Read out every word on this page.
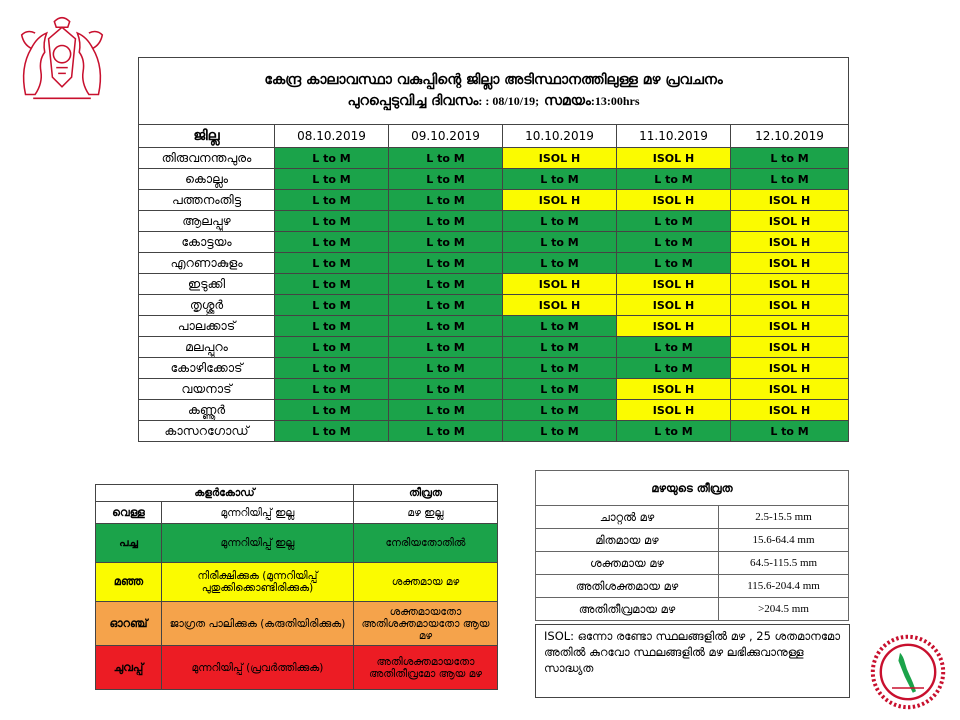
കേന്ദ്ര കാലാവസ്ഥാ വകുപ്പിന്റെ ജില്ലാ അടിസ്ഥാനത്തിലുള്ള മഴ പ്രവചനം
പുറപ്പെടുവിച്ച ദിവസം: : 08/10/19; സമയം:13:00hrs					

ജില്ല	08.10.2019	09.10.2019	10.10.2019	11.10.2019	12.10.2019
തിരുവനന്തപുരം	L to M	L to M	ISOL H	ISOL H	L to M
കൊല്ലം	L to M	L to M	L to M	L to M	L to M
പത്തനംതിട്ട	L to M	L to M	ISOL H	ISOL H	ISOL H
ആലപ്പുഴ	L to M	L to M	L to M	L to M	ISOL H
കോട്ടയം	L to M	L to M	L to M	L to M	ISOL H
എറണാകുളം	L to M	L to M	L to M	L to M	ISOL H
ഇടുക്കി	L to M	L to M	ISOL H	ISOL H	ISOL H
തൃശ്ശൂർ	L to M	L to M	ISOL H	ISOL H	ISOL H
പാലക്കാട്	L to M	L to M	L to M	ISOL H	ISOL H
മലപ്പുറം	L to M	L to M	L to M	L to M	ISOL H
കോഴിക്കോട്	L to M	L to M	L to M	L to M	ISOL H
വയനാട്	L to M	L to M	L to M	ISOL H	ISOL H
കണ്ണൂർ	L to M	L to M	L to M	ISOL H	ISOL H
കാസറഗോഡ്	L to M	L to M	L to M	L to M	L to M
കളർകോഡ്		തീവ്രത
വെള്ള	മുന്നറിയിപ്പ് ഇല്ല	മഴ ഇല്ല
പച്ച	മുന്നറിയിപ്പ് ഇല്ല	നേരിയതോതിൽ
മഞ്ഞ	നിരീക്ഷിക്കുക (മുന്നറിയിപ്പ് പുതുക്കിക്കൊണ്ടിരിക്കുക)	ശക്തമായ മഴ
ഓറഞ്ച്	ജാഗ്രത പാലിക്കുക (കരുതിയിരിക്കുക)	ശക്തമായതോ അതിശക്തമായതോ ആയ മഴ
ചുവപ്പ്	മുന്നറിയിപ്പ് (പ്രവർത്തിക്കുക)	അതിശക്തമായതോ അതിതീവ്രമോ ആയ മഴ
മഴയുടെ തീവ്രത	
ചാറ്റൽ മഴ	2.5-15.5 mm
മിതമായ മഴ	15.6-64.4 mm
ശക്തമായ മഴ	64.5-115.5 mm
അതിശക്തമായ മഴ	115.6-204.4 mm
അതിതീവ്രമായ മഴ	>204.5 mm
ISOL: ഒന്നോ രണ്ടോ സ്ഥലങ്ങളിൽ മഴ , 25 ശതമാനമോ അതിൽ കുറവോ സ്ഥലങ്ങളിൽ മഴ ലഭിക്കുവാനുള്ള സാദ്ധ്യത
